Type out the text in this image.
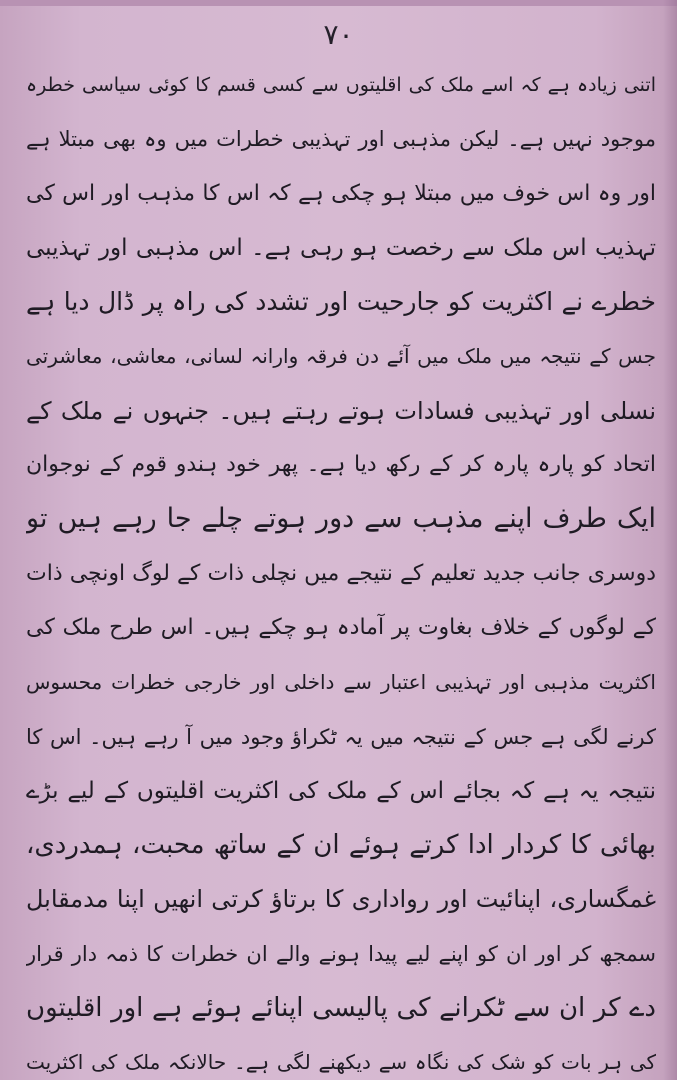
۷۰
اتنی زیادہ ہے کہ اسے ملک کی اقلیتوں سے کسی قسم کا کوئی سیاسی خطرہ
موجود نہیں ہے۔ لیکن مذہبی اور تہذیبی خطرات میں وہ بھی مبتلا ہے
اور وہ اس خوف میں مبتلا ہو چکی ہے کہ اس کا مذہب اور اس کی
تہذیب اس ملک سے رخصت ہو رہی ہے۔ اس مذہبی اور تہذیبی
خطرے نے اکثریت کو جارحیت اور تشدد کی راہ پر ڈال دیا ہے
جس کے نتیجہ میں ملک میں آئے دن فرقہ وارانہ لسانی، معاشی، معاشرتی
نسلی اور تہذیبی فسادات ہوتے رہتے ہیں۔ جنہوں نے ملک کے
اتحاد کو پارہ پارہ کر کے رکھ دیا ہے۔ پھر خود ہندو قوم کے نوجوان
ایک طرف اپنے مذہب سے دور ہوتے چلے جا رہے ہیں تو
دوسری جانب جدید تعلیم کے نتیجے میں نچلی ذات کے لوگ اونچی ذات
کے لوگوں کے خلاف بغاوت پر آمادہ ہو چکے ہیں۔ اس طرح ملک کی
اکثریت مذہبی اور تہذیبی اعتبار سے داخلی اور خارجی خطرات محسوس
کرنے لگی ہے جس کے نتیجہ میں یہ ٹکراؤ وجود میں آ رہے ہیں۔ اس کا
نتیجہ یہ ہے کہ بجائے اس کے ملک کی اکثریت اقلیتوں کے لیے بڑے
بھائی کا کردار ادا کرتے ہوئے ان کے ساتھ محبت، ہمدردی،
غمگساری، اپنائیت اور رواداری کا برتاؤ کرتی انھیں اپنا مدمقابل
سمجھ کر اور ان کو اپنے لیے پیدا ہونے والے ان خطرات کا ذمہ دار قرار
دے کر ان سے ٹکرانے کی پالیسی اپنائے ہوئے ہے اور اقلیتوں
کی ہر بات کو شک کی نگاہ سے دیکھنے لگی ہے۔ حالانکہ ملک کی اکثریت
